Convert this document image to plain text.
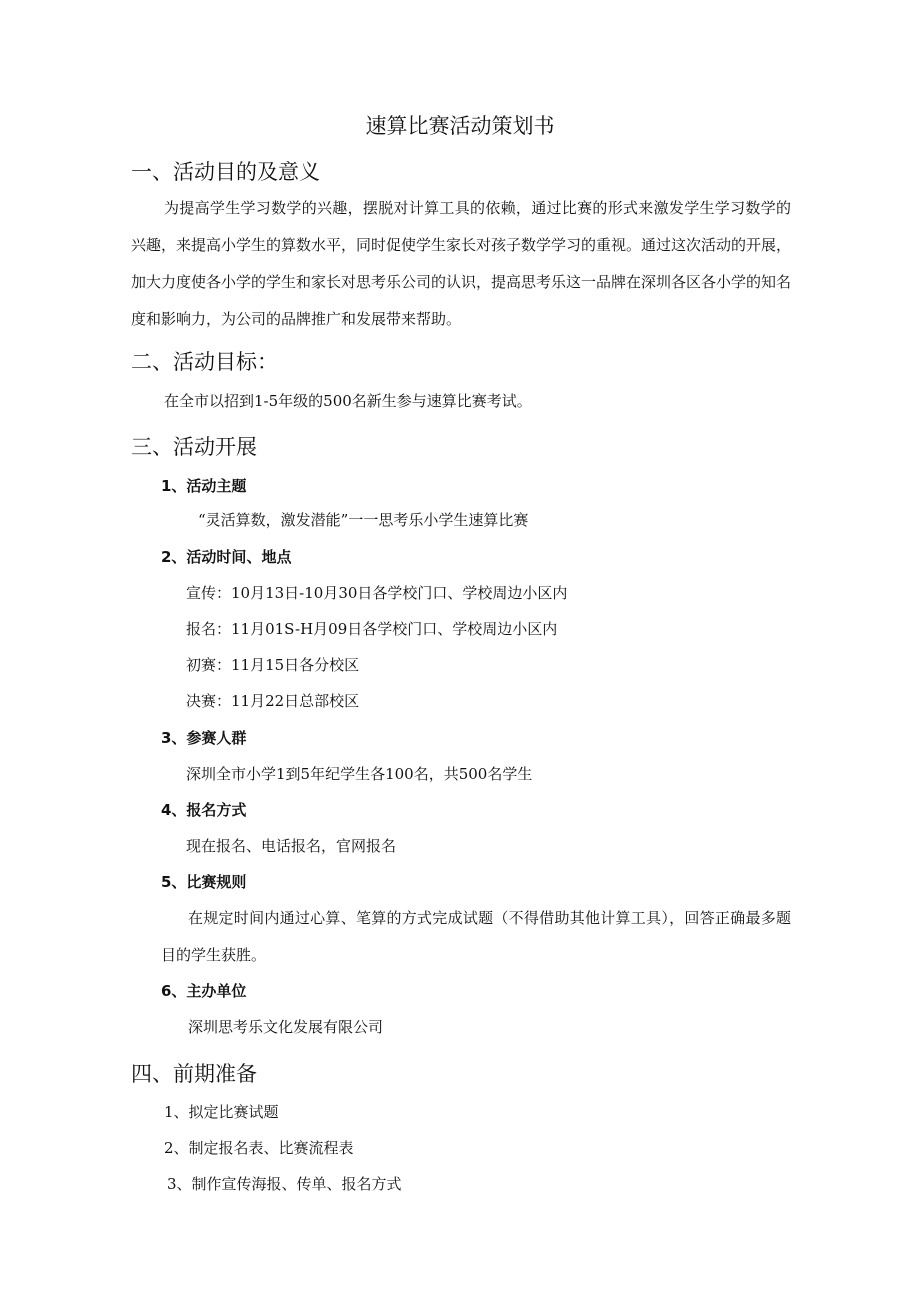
速算比赛活动策划书
一、活动目的及意义
为提高学生学习数学的兴趣，摆脱对计算工具的依赖，通过比赛的形式来激发学生学习数学的兴趣，来提高小学生的算数水平，同时促使学生家长对孩子数学学习的重视。通过这次活动的开展，加大力度使各小学的学生和家长对思考乐公司的认识，提高思考乐这一品牌在深圳各区各小学的知名度和影响力，为公司的品牌推广和发展带来帮助。
二、活动目标：
在全市以招到1-5年级的500名新生参与速算比赛考试。
三、活动开展
1、活动主题
“灵活算数，激发潜能”一一思考乐小学生速算比赛
2、活动时间、地点
宣传：10月13日-10月30日各学校门口、学校周边小区内
报名：11月01S-H月09日各学校门口、学校周边小区内
初赛：11月15日各分校区
决赛：11月22日总部校区
3、参赛人群
深圳全市小学1到5年纪学生各100名，共500名学生
4、报名方式
现在报名、电话报名，官网报名
5、比赛规则
在规定时间内通过心算、笔算的方式完成试题（不得借助其他计算工具），回答正确最多题目的学生获胜。
6、主办单位
深圳思考乐文化发展有限公司
四、前期准备
1、拟定比赛试题
2、制定报名表、比赛流程表
3、制作宣传海报、传单、报名方式
